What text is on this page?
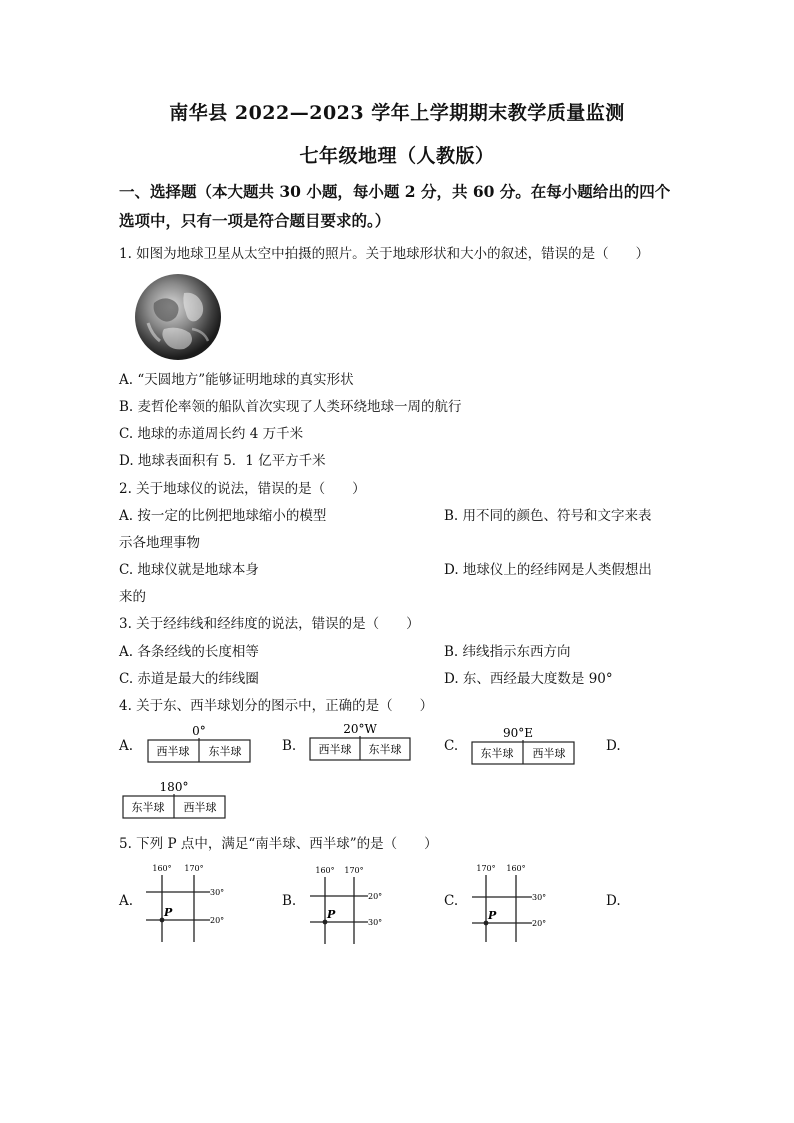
南华县 2022—2023 学年上学期期末教学质量监测
七年级地理（人教版）
一、选择题（本大题共 30 小题，每小题 2 分，共 60 分。在每小题给出的四个
选项中，只有一项是符合题目要求的。）
1. 如图为地球卫星从太空中拍摄的照片。关于地球形状和大小的叙述，错误的是（　　）
A. “天圆地方”能够证明地球的真实形状
B. 麦哲伦率领的船队首次实现了人类环绕地球一周的航行
C. 地球的赤道周长约 4 万千米
D. 地球表面积有 5．1 亿平方千米
2. 关于地球仪的说法，错误的是（　　）
A. 按一定的比例把地球缩小的模型	B. 用不同的颜色、符号和文字来表
示各地理事物
C. 地球仪就是地球本身	D. 地球仪上的经纬网是人类假想出
来的
3. 关于经纬线和经纬度的说法，错误的是（　　）
A. 各条经线的长度相等	B. 纬线指示东西方向
C. 赤道是最大的纬线圈	D. 东、西经最大度数是 90°
4. 关于东、西半球划分的图示中，正确的是（　　）
A.
0°
西半球 东半球	B.
20°W
西半球 东半球	C.
90°E
东半球 西半球	D.
180°
东半球 西半球
5. 下列 P 点中，满足“南半球、西半球”的是（　　）
A.
160° 170°
30°
20°
P
B.
160° 170°
20°
30°
P
C.
170° 160°
30°
20°
P
D.
